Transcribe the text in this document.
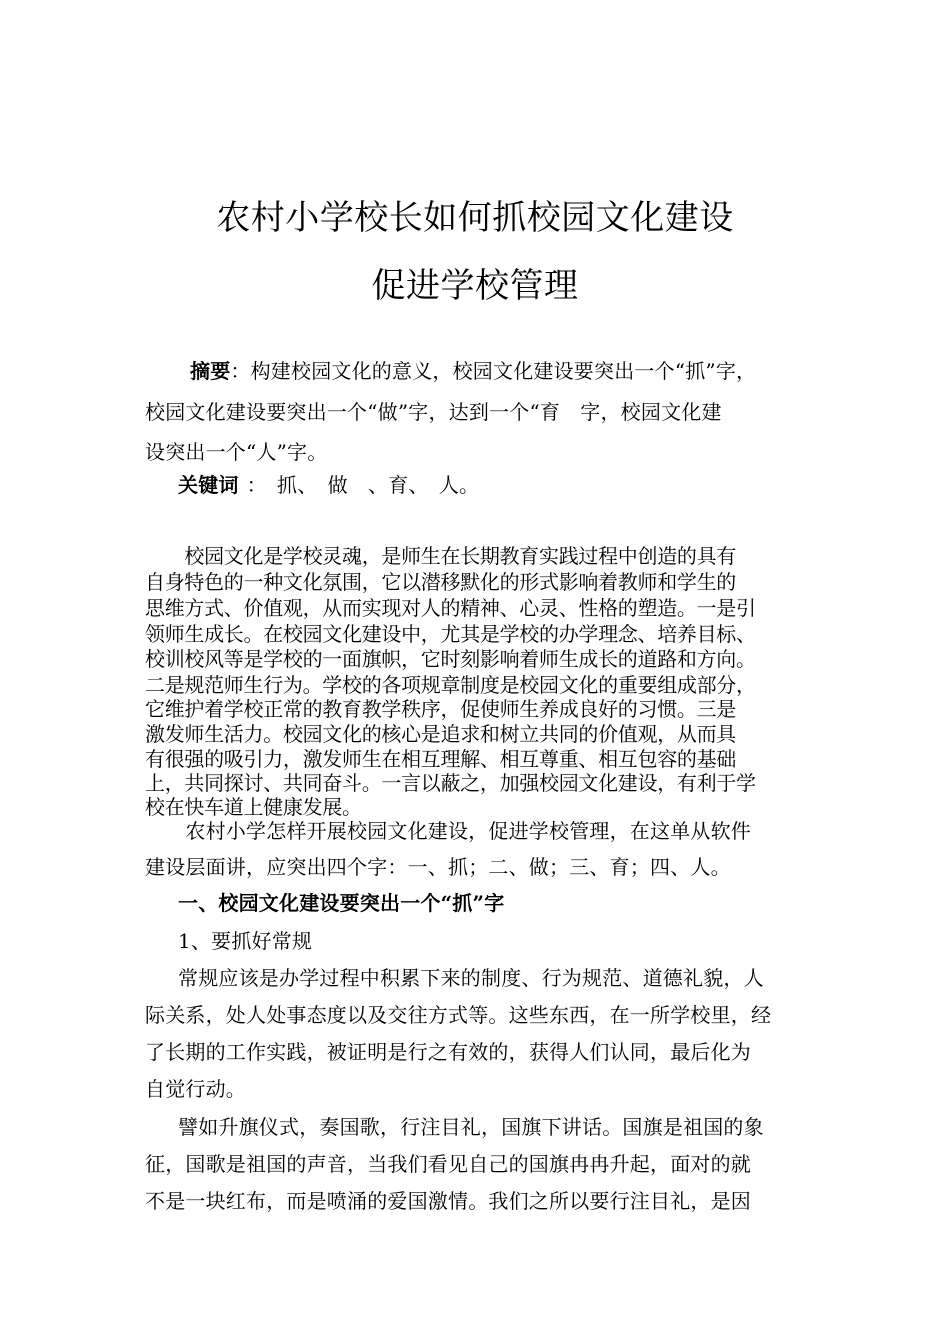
农村小学校长如何抓校园文化建设
促进学校管理
摘要：构建校园文化的意义，校园文化建设要突出一个“抓”字，
校园文化建设要突出一个“做”字，达到一个“育　字，校园文化建
设突出一个“人”字。
关键词 ：　抓、　做　、育、　人。
　　校园文化是学校灵魂，是师生在长期教育实践过程中创造的具有
自身特色的一种文化氛围，它以潜移默化的形式影响着教师和学生的
思维方式、价值观，从而实现对人的精神、心灵、性格的塑造。一是引
领师生成长。在校园文化建设中，尤其是学校的办学理念、培养目标、
校训校风等是学校的一面旗帜，它时刻影响着师生成长的道路和方向。
二是规范师生行为。学校的各项规章制度是校园文化的重要组成部分，
它维护着学校正常的教育教学秩序，促使师生养成良好的习惯。三是
激发师生活力。校园文化的核心是追求和树立共同的价值观，从而具
有很强的吸引力，激发师生在相互理解、相互尊重、相互包容的基础
上，共同探讨、共同奋斗。一言以蔽之，加强校园文化建设，有利于学
校在快车道上健康发展。
　　农村小学怎样开展校园文化建设，促进学校管理，在这单从软件
建设层面讲，应突出四个字：一、抓；二、做；三、育；四、人。
一、校园文化建设要突出一个“抓”字
1、要抓好常规
常规应该是办学过程中积累下来的制度、行为规范、道德礼貌，人
际关系，处人处事态度以及交往方式等。这些东西，在一所学校里，经
了长期的工作实践，被证明是行之有效的，获得人们认同，最后化为
自觉行动。
譬如升旗仪式，奏国歌，行注目礼，国旗下讲话。国旗是祖国的象
征，国歌是祖国的声音，当我们看见自己的国旗冉冉升起，面对的就
不是一块红布，而是喷涌的爱国激情。我们之所以要行注目礼，是因
